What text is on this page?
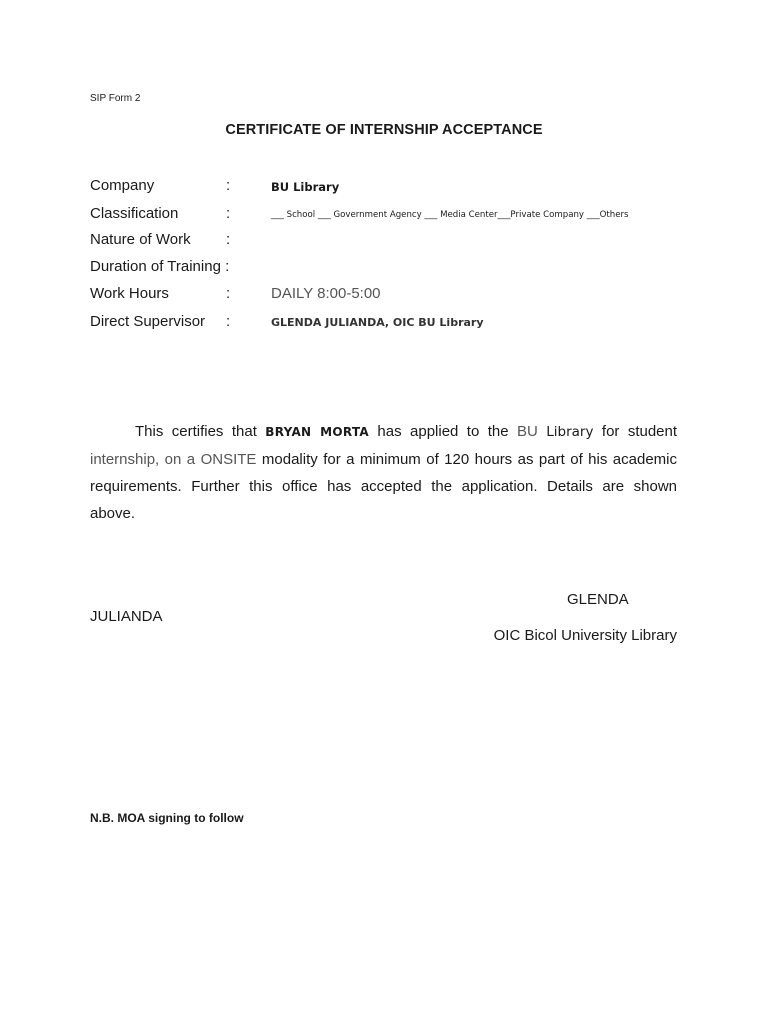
SIP Form 2
CERTIFICATE OF INTERNSHIP ACCEPTANCE
Company	:	BU Library
Classification	:	___ School ___ Government Agency ___ Media Center___Private Company ___Others
Nature of Work :
Duration of Training :
Work Hours	:	DAILY 8:00-5:00
Direct Supervisor :	GLENDA JULIANDA, OIC BU Library
This certifies that BRYAN MORTA has applied to the BU Library for student
internship, on a ONSITE modality for a minimum of 120 hours as part of his academic
requirements. Further this office has accepted the application. Details are shown
above.
GLENDA
JULIANDA
OIC Bicol University Library
N.B. MOA signing to follow
